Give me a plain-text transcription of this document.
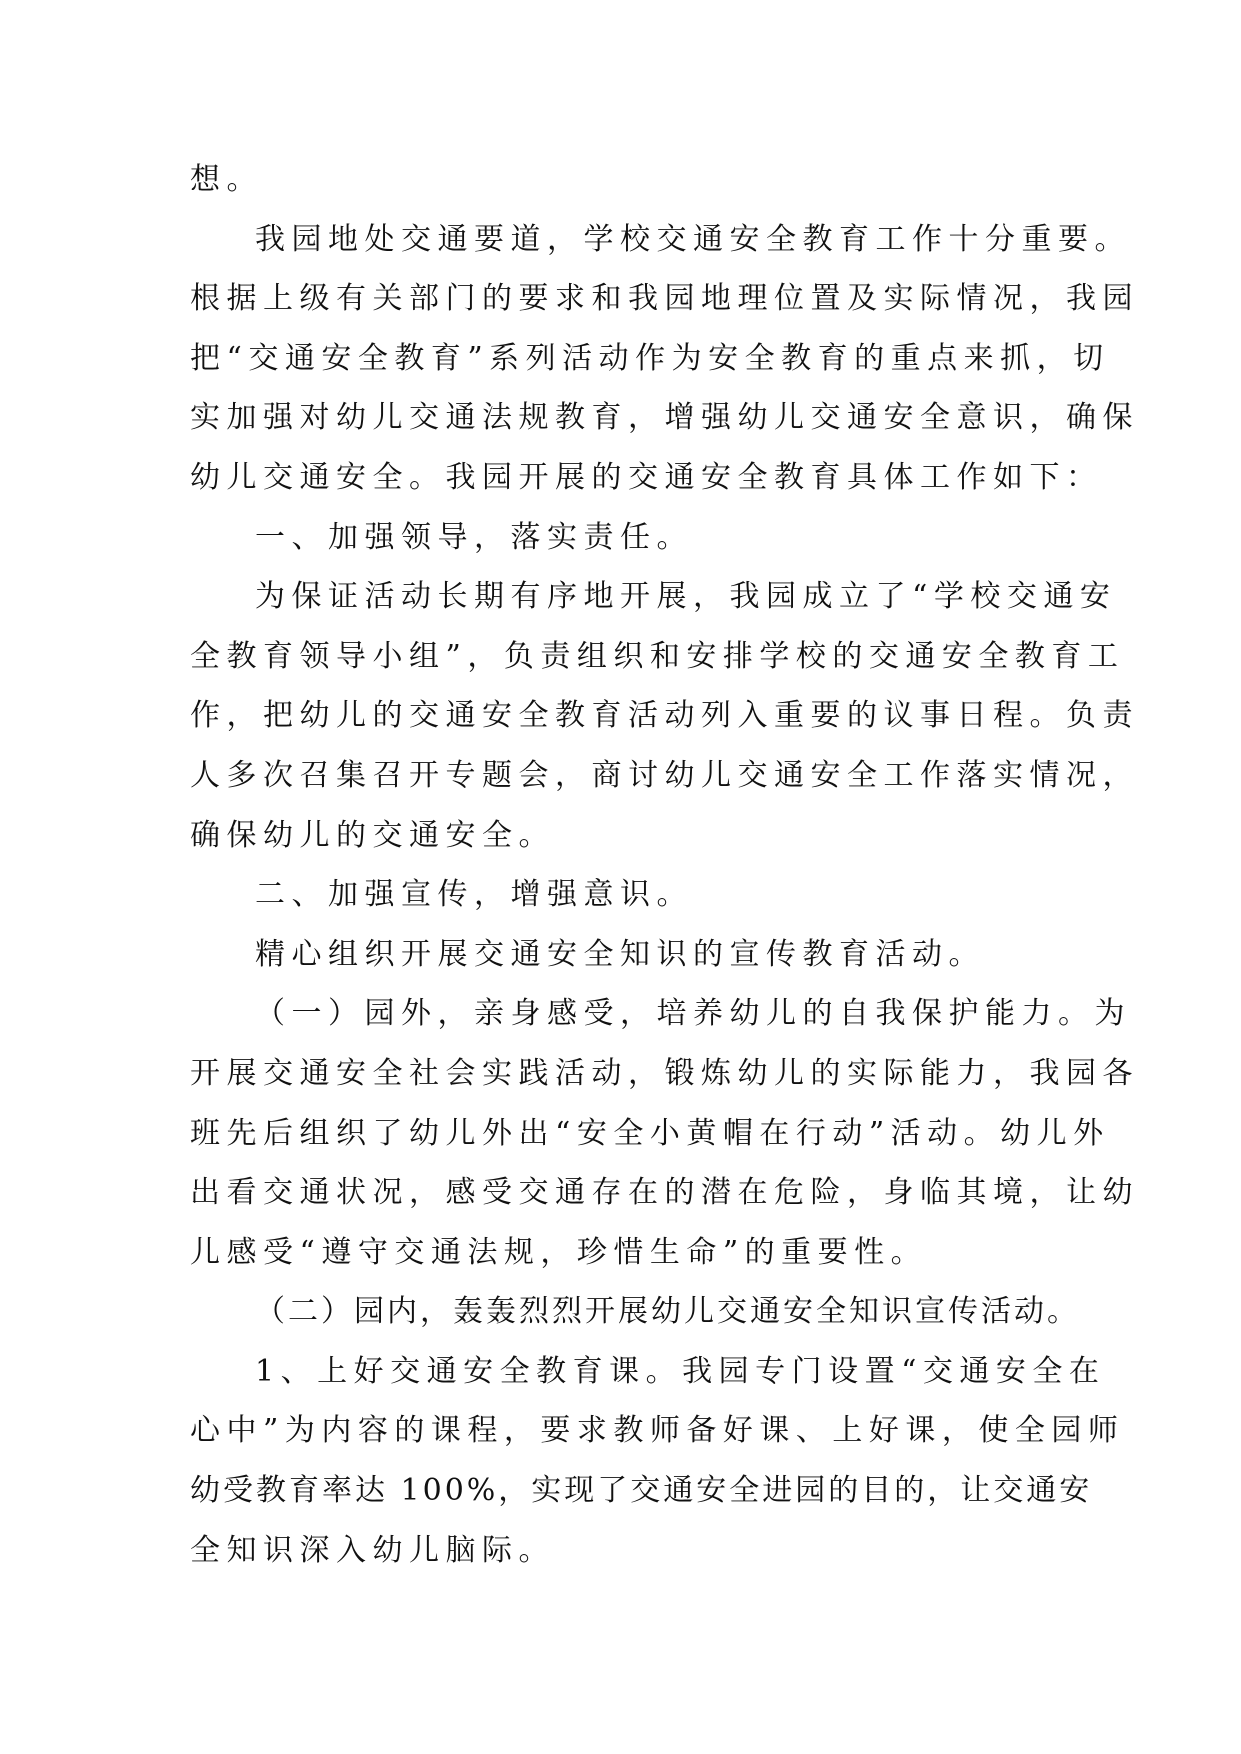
想。
我园地处交通要道，学校交通安全教育工作十分重要。
根据上级有关部门的要求和我园地理位置及实际情况，我园
把“交通安全教育”系列活动作为安全教育的重点来抓，切
实加强对幼儿交通法规教育，增强幼儿交通安全意识，确保
幼儿交通安全。我园开展的交通安全教育具体工作如下：
一、加强领导，落实责任。
为保证活动长期有序地开展，我园成立了“学校交通安
全教育领导小组”，负责组织和安排学校的交通安全教育工
作，把幼儿的交通安全教育活动列入重要的议事日程。负责
人多次召集召开专题会，商讨幼儿交通安全工作落实情况，
确保幼儿的交通安全。
二、加强宣传，增强意识。
精心组织开展交通安全知识的宣传教育活动。
（一）园外，亲身感受，培养幼儿的自我保护能力。为
开展交通安全社会实践活动，锻炼幼儿的实际能力，我园各
班先后组织了幼儿外出“安全小黄帽在行动”活动。幼儿外
出看交通状况，感受交通存在的潜在危险，身临其境，让幼
儿感受“遵守交通法规，珍惜生命”的重要性。
（二）园内，轰轰烈烈开展幼儿交通安全知识宣传活动。
1、上好交通安全教育课。我园专门设置“交通安全在
心中”为内容的课程，要求教师备好课、上好课，使全园师
幼受教育率达 100%，实现了交通安全进园的目的，让交通安
全知识深入幼儿脑际。
